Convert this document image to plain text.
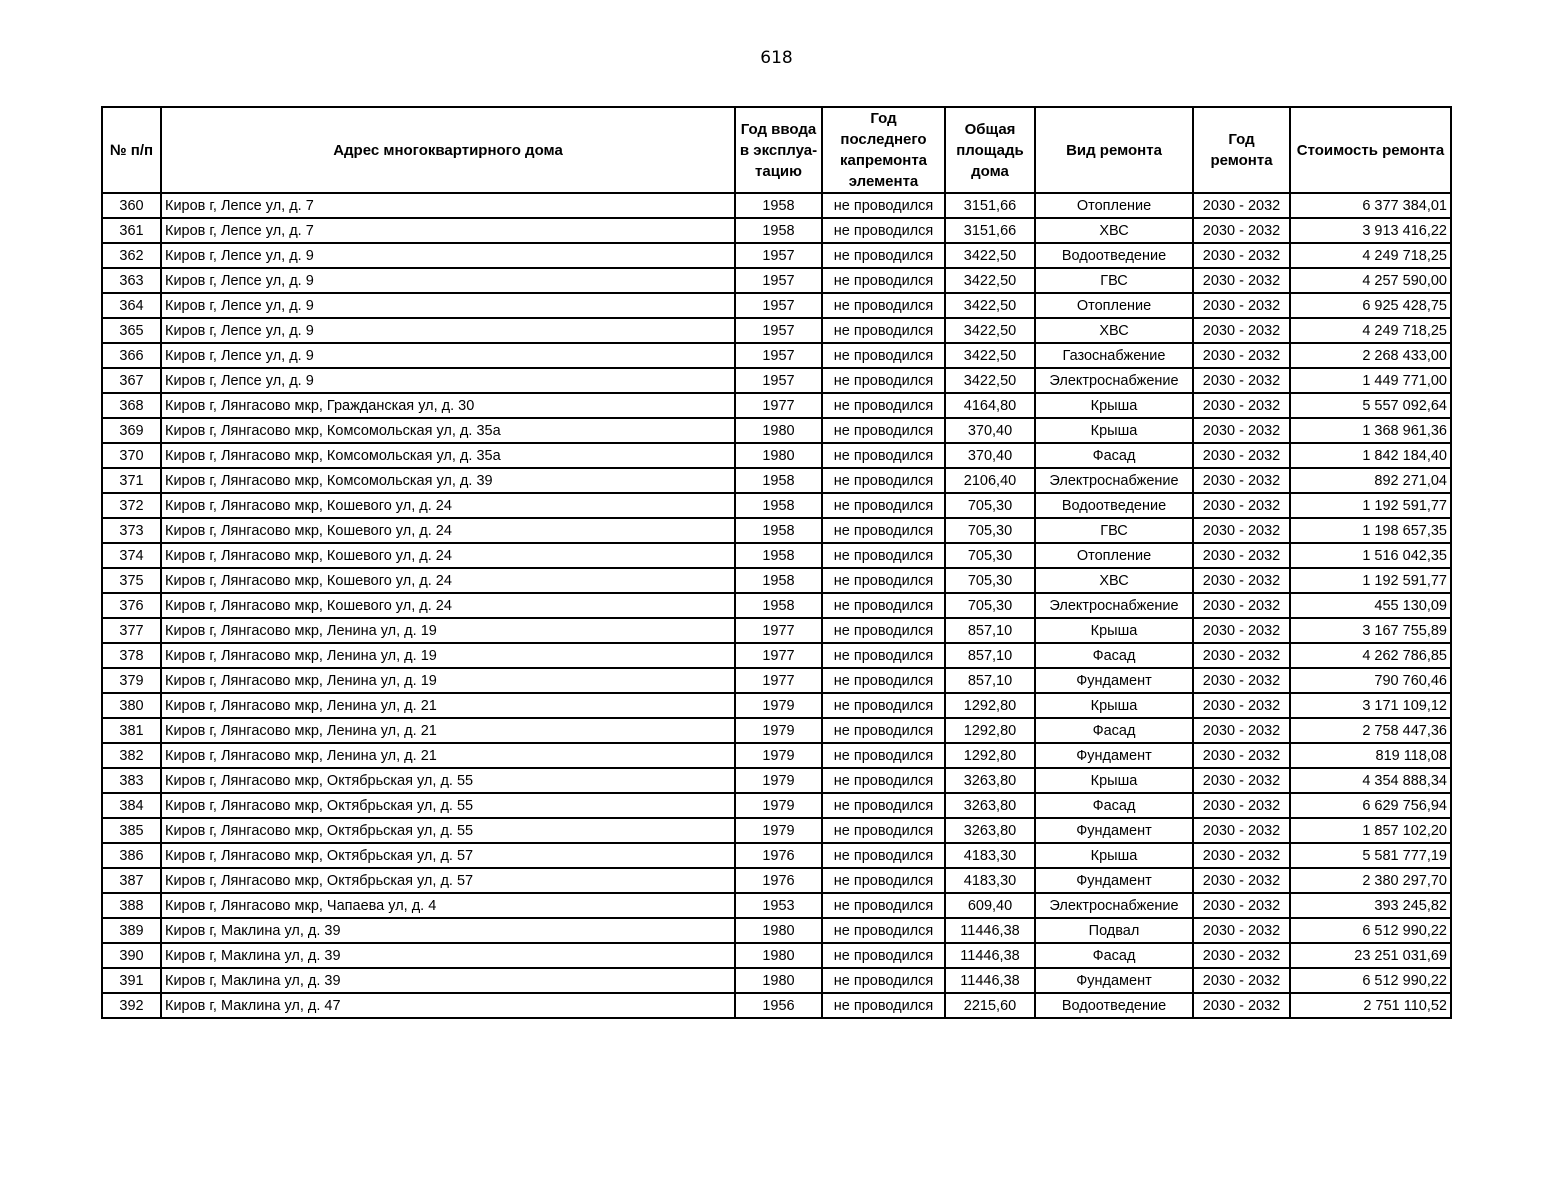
618
№ п/п	Адрес многоквартирного дома	Год ввода в эксплуа-тацию	Год последнего капремонта элемента	Общая площадь дома	Вид ремонта	Год ремонта	Стоимость ремонта
360	Киров г, Лепсе ул, д. 7	1958	не проводился	3151,66	Отопление	2030 - 2032	6 377 384,01
361	Киров г, Лепсе ул, д. 7	1958	не проводился	3151,66	ХВС	2030 - 2032	3 913 416,22
362	Киров г, Лепсе ул, д. 9	1957	не проводился	3422,50	Водоотведение	2030 - 2032	4 249 718,25
363	Киров г, Лепсе ул, д. 9	1957	не проводился	3422,50	ГВС	2030 - 2032	4 257 590,00
364	Киров г, Лепсе ул, д. 9	1957	не проводился	3422,50	Отопление	2030 - 2032	6 925 428,75
365	Киров г, Лепсе ул, д. 9	1957	не проводился	3422,50	ХВС	2030 - 2032	4 249 718,25
366	Киров г, Лепсе ул, д. 9	1957	не проводился	3422,50	Газоснабжение	2030 - 2032	2 268 433,00
367	Киров г, Лепсе ул, д. 9	1957	не проводился	3422,50	Электроснабжение	2030 - 2032	1 449 771,00
368	Киров г, Лянгасово мкр, Гражданская ул, д. 30	1977	не проводился	4164,80	Крыша	2030 - 2032	5 557 092,64
369	Киров г, Лянгасово мкр, Комсомольская ул, д. 35а	1980	не проводился	370,40	Крыша	2030 - 2032	1 368 961,36
370	Киров г, Лянгасово мкр, Комсомольская ул, д. 35а	1980	не проводился	370,40	Фасад	2030 - 2032	1 842 184,40
371	Киров г, Лянгасово мкр, Комсомольская ул, д. 39	1958	не проводился	2106,40	Электроснабжение	2030 - 2032	892 271,04
372	Киров г, Лянгасово мкр, Кошевого ул, д. 24	1958	не проводился	705,30	Водоотведение	2030 - 2032	1 192 591,77
373	Киров г, Лянгасово мкр, Кошевого ул, д. 24	1958	не проводился	705,30	ГВС	2030 - 2032	1 198 657,35
374	Киров г, Лянгасово мкр, Кошевого ул, д. 24	1958	не проводился	705,30	Отопление	2030 - 2032	1 516 042,35
375	Киров г, Лянгасово мкр, Кошевого ул, д. 24	1958	не проводился	705,30	ХВС	2030 - 2032	1 192 591,77
376	Киров г, Лянгасово мкр, Кошевого ул, д. 24	1958	не проводился	705,30	Электроснабжение	2030 - 2032	455 130,09
377	Киров г, Лянгасово мкр, Ленина ул, д. 19	1977	не проводился	857,10	Крыша	2030 - 2032	3 167 755,89
378	Киров г, Лянгасово мкр, Ленина ул, д. 19	1977	не проводился	857,10	Фасад	2030 - 2032	4 262 786,85
379	Киров г, Лянгасово мкр, Ленина ул, д. 19	1977	не проводился	857,10	Фундамент	2030 - 2032	790 760,46
380	Киров г, Лянгасово мкр, Ленина ул, д. 21	1979	не проводился	1292,80	Крыша	2030 - 2032	3 171 109,12
381	Киров г, Лянгасово мкр, Ленина ул, д. 21	1979	не проводился	1292,80	Фасад	2030 - 2032	2 758 447,36
382	Киров г, Лянгасово мкр, Ленина ул, д. 21	1979	не проводился	1292,80	Фундамент	2030 - 2032	819 118,08
383	Киров г, Лянгасово мкр, Октябрьская ул, д. 55	1979	не проводился	3263,80	Крыша	2030 - 2032	4 354 888,34
384	Киров г, Лянгасово мкр, Октябрьская ул, д. 55	1979	не проводился	3263,80	Фасад	2030 - 2032	6 629 756,94
385	Киров г, Лянгасово мкр, Октябрьская ул, д. 55	1979	не проводился	3263,80	Фундамент	2030 - 2032	1 857 102,20
386	Киров г, Лянгасово мкр, Октябрьская ул, д. 57	1976	не проводился	4183,30	Крыша	2030 - 2032	5 581 777,19
387	Киров г, Лянгасово мкр, Октябрьская ул, д. 57	1976	не проводился	4183,30	Фундамент	2030 - 2032	2 380 297,70
388	Киров г, Лянгасово мкр, Чапаева ул, д. 4	1953	не проводился	609,40	Электроснабжение	2030 - 2032	393 245,82
389	Киров г, Маклина ул, д. 39	1980	не проводился	11446,38	Подвал	2030 - 2032	6 512 990,22
390	Киров г, Маклина ул, д. 39	1980	не проводился	11446,38	Фасад	2030 - 2032	23 251 031,69
391	Киров г, Маклина ул, д. 39	1980	не проводился	11446,38	Фундамент	2030 - 2032	6 512 990,22
392	Киров г, Маклина ул, д. 47	1956	не проводился	2215,60	Водоотведение	2030 - 2032	2 751 110,52
